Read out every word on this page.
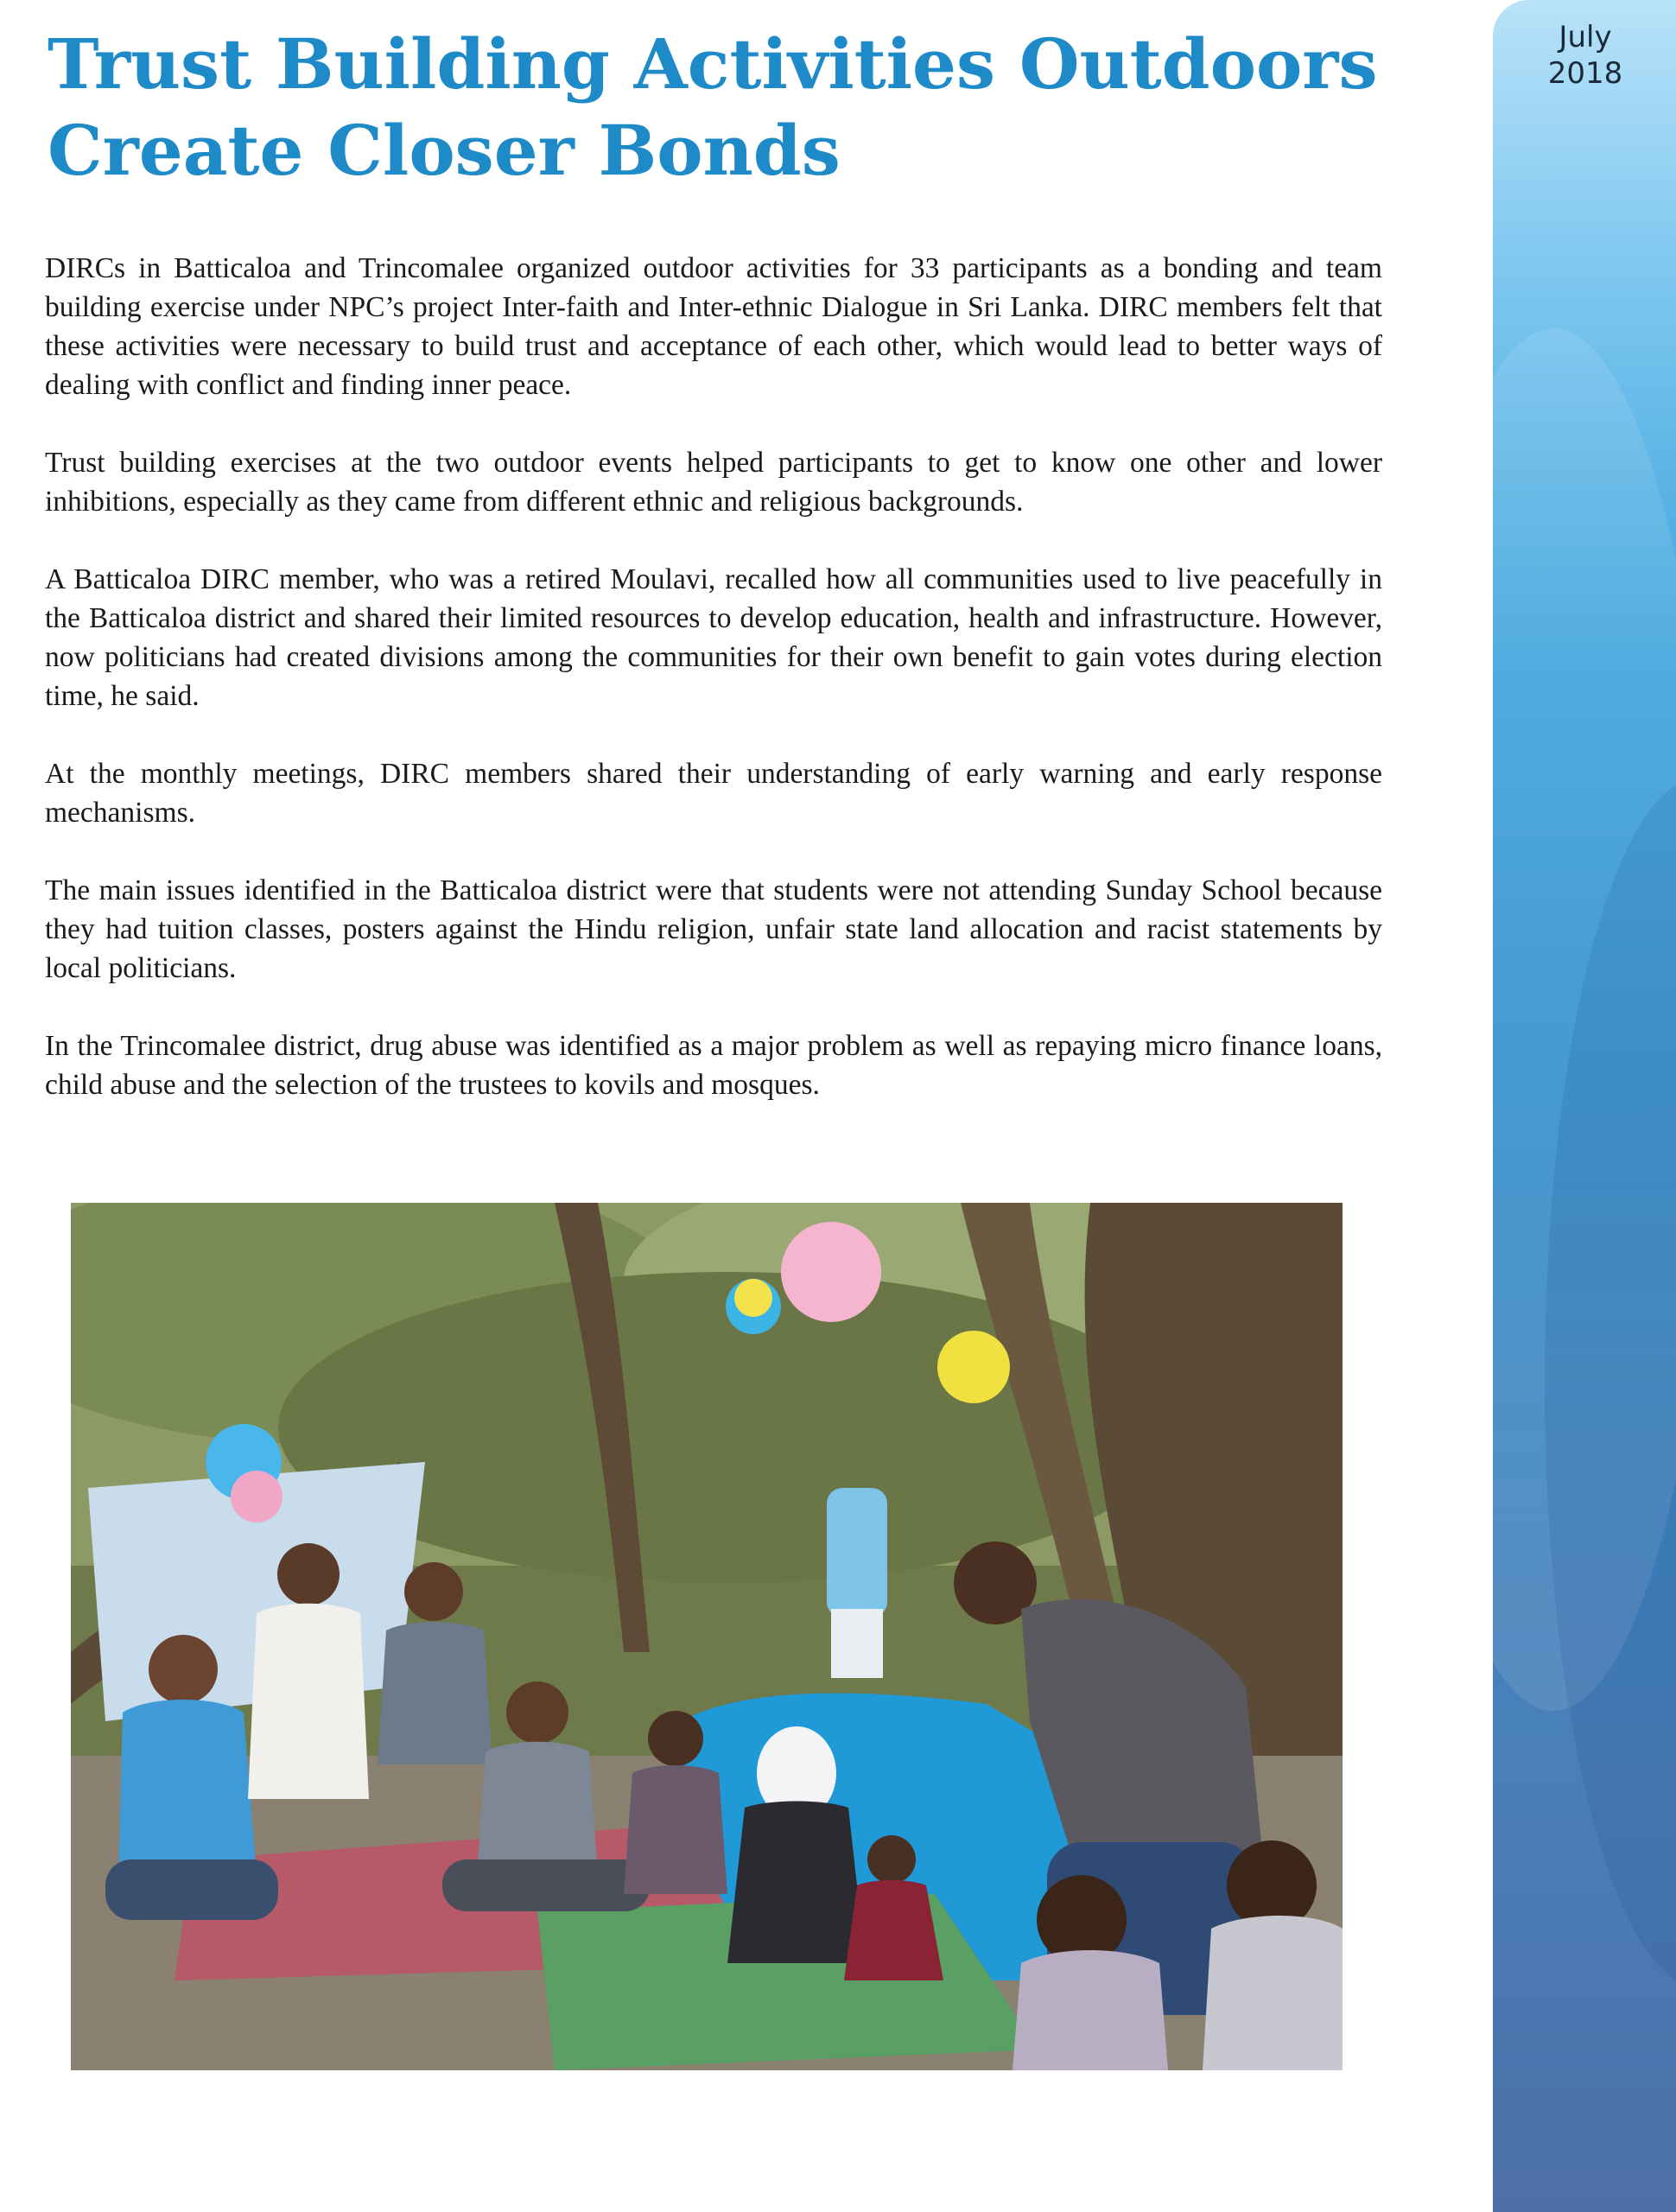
July
2018
Trust Building Activities Outdoors
Create Closer Bonds

DIRCs in Batticaloa and Trincomalee organized outdoor activities for 33 participants as a bonding and team building exercise under NPC’s project Inter-faith and Inter-ethnic Dialogue in Sri Lanka. DIRC members felt that these activities were necessary to build trust and acceptance of each other, which would lead to better ways of dealing with conflict and finding inner peace.

Trust building exercises at the two outdoor events helped participants to get to know one other and lower inhibitions, especially as they came from different ethnic and religious backgrounds.

A Batticaloa DIRC member, who was a retired Moulavi, recalled how all communities used to live peacefully in the Batticaloa district and shared their limited resources to develop education, health and infrastructure. However, now politicians had created divisions among the communities for their own benefit to gain votes during election time, he said.

At the monthly meetings, DIRC members shared their understanding of early warning and early response mechanisms.

The main issues identified in the Batticaloa district were that students were not attending Sunday School because they had tuition classes, posters against the Hindu religion, unfair state land allocation and racist statements by local politicians.

In the Trincomalee district, drug abuse was identified as a major problem as well as repaying micro finance loans, child abuse and the selection of the trustees to kovils and mosques.
